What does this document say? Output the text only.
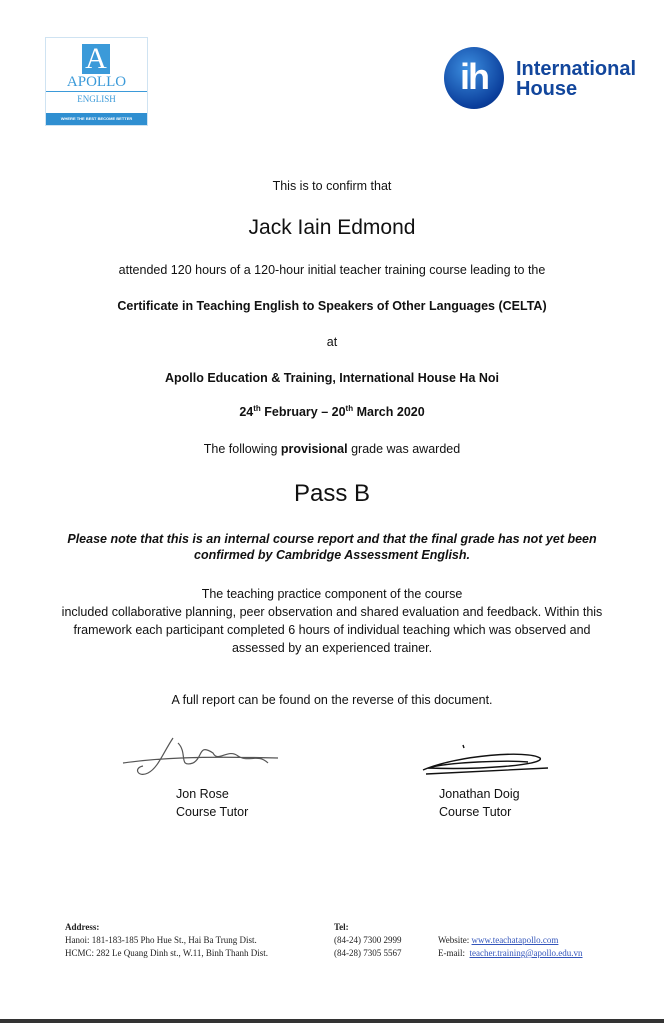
A
APOLLO
ENGLISH
WHERE THE BEST BECOME BETTER
ih	International
House
This is to confirm that
Jack Iain Edmond
attended 120 hours of a 120-hour initial teacher training course leading to the
Certificate in Teaching English to Speakers of Other Languages (CELTA)
at
Apollo Education & Training, International House Ha Noi
24th February – 20th March 2020
The following provisional grade was awarded
Pass B
Please note that this is an internal course report and that the final grade has not yet been
confirmed by Cambridge Assessment English.
The teaching practice component of the course
included collaborative planning, peer observation and shared evaluation and feedback. Within this
framework each participant completed 6 hours of individual teaching which was observed and
assessed by an experienced trainer.
A full report can be found on the reverse of this document.
Jon Rose
Course Tutor
Jonathan Doig
Course Tutor
Address:
Hanoi: 181-183-185 Pho Hue St., Hai Ba Trung Dist.
HCMC: 282 Le Quang Dinh st., W.11, Binh Thanh Dist.
Tel:
(84-24) 7300 2999
(84-28) 7305 5567
Website: www.teachatapollo.com
E-mail:  teacher.training@apollo.edu.vn
